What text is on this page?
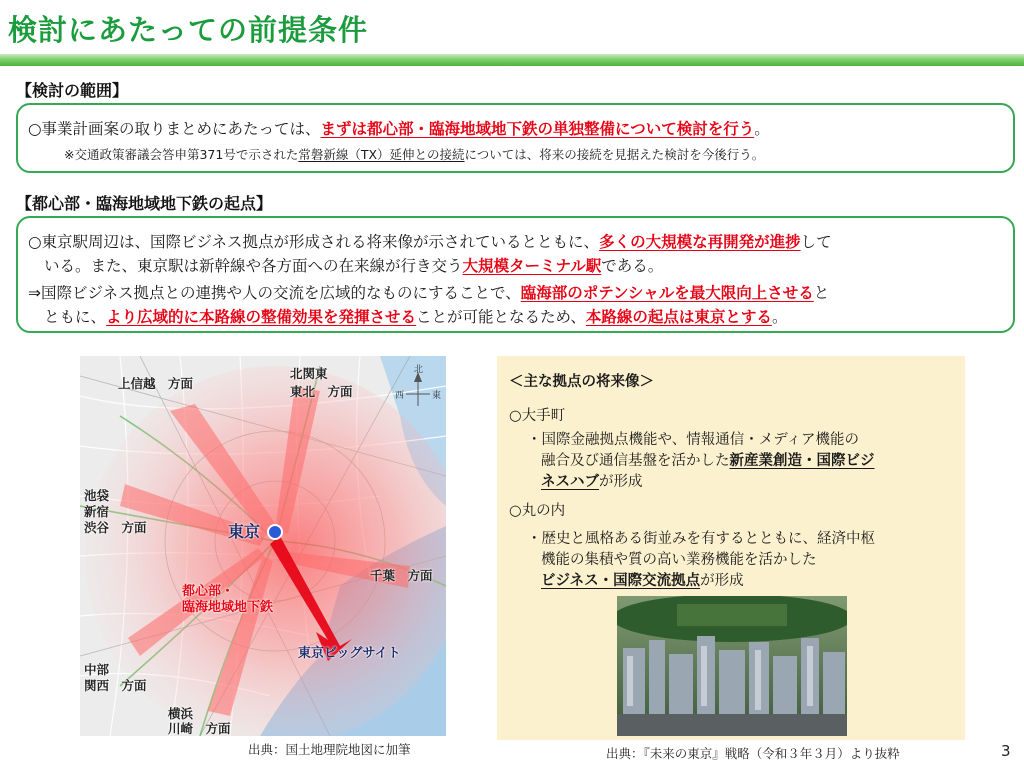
検討にあたっての前提条件
【検討の範囲】
○事業計画案の取りまとめにあたっては、まずは都心部・臨海地域地下鉄の単独整備について検討を行う。
※交通政策審議会答申第371号で示された常磐新線（TX）延伸との接続については、将来の接続を見据えた検討を今後行う。
【都心部・臨海地域地下鉄の起点】
○東京駅周辺は、国際ビジネス拠点が形成される将来像が示されているとともに、多くの大規模な再開発が進捗して
いる。また、東京駅は新幹線や各方面への在来線が行き交う大規模ターミナル駅である。
⇒国際ビジネス拠点との連携や人の交流を広域的なものにすることで、臨海部のポテンシャルを最大限向上させると
ともに、より広域的に本路線の整備効果を発揮させることが可能となるため、本路線の起点は東京とする。
上信越　方面
北関東
東北　方面
池袋
新宿
渋谷　方面	東京
千葉　方面
都心部・
臨海地域地下鉄
東京ビッグサイト
中部
関西　方面
横浜
川崎　方面
北
西	東
出典：国土地理院地図に加筆
＜主な拠点の将来像＞
○大手町
・国際金融拠点機能や、情報通信・メディア機能の
融合及び通信基盤を活かした新産業創造・国際ビジ
ネスハブが形成
○丸の内
・歴史と風格ある街並みを有するとともに、経済中枢
機能の集積や質の高い業務機能を活かした
ビジネス・国際交流拠点が形成
出典：『未来の東京』戦略（令和３年３月）より抜粋	3
